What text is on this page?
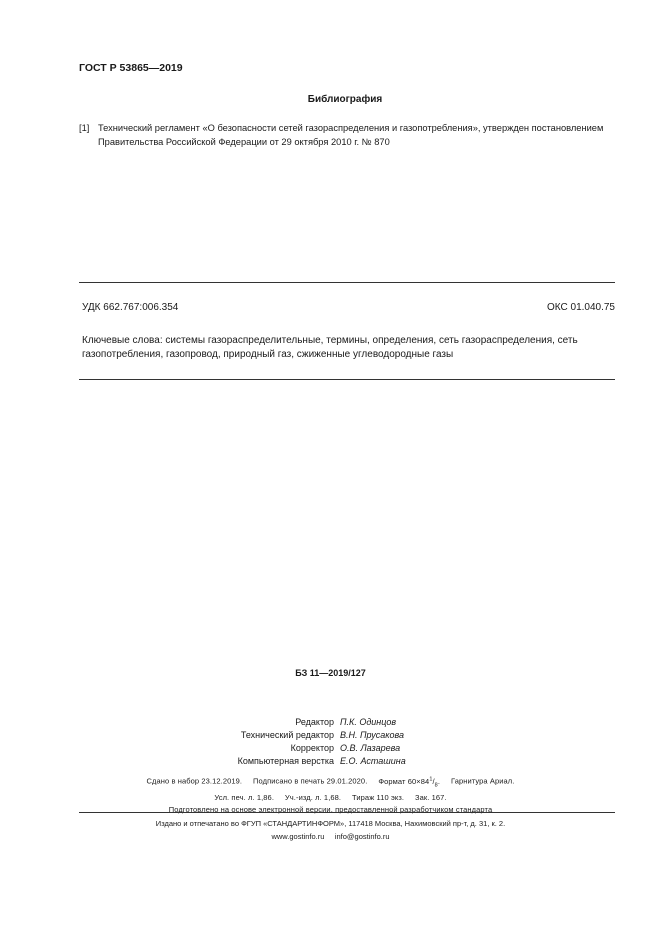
ГОСТ Р 53865—2019
Библиография
[1] Технический регламент «О безопасности сетей газораспределения и газопотребления», утвержден постановлением Правительства Российской Федерации от 29 октября 2010 г. № 870
УДК 662.767:006.354	ОКС 01.040.75
Ключевые слова: системы газораспределительные, термины, определения, сеть газораспределения, сеть газопотребления, газопровод, природный газ, сжиженные углеводородные газы
БЗ 11—2019/127
Редактор П.К. Одинцов
Технический редактор В.Н. Прусакова
Корректор О.В. Лазарева
Компьютерная верстка Е.О. Асташина
Сдано в набор 23.12.2019. Подписано в печать 29.01.2020. Формат $60\times 84^1/_8$. Гарнитура Ариал.
Усл. печ. л. 1,86.     Уч.-изд. л. 1,68.     Тираж 110 экз.     Зак. 167.
Подготовлено на основе электронной версии, предоставленной разработчиком стандарта
Издано и отпечатано во ФГУП «СТАНДАРТИНФОРМ», 117418 Москва, Нахимовский пр-т, д. 31, к. 2.
www.gostinfo.ru info@gostinfo.ru
